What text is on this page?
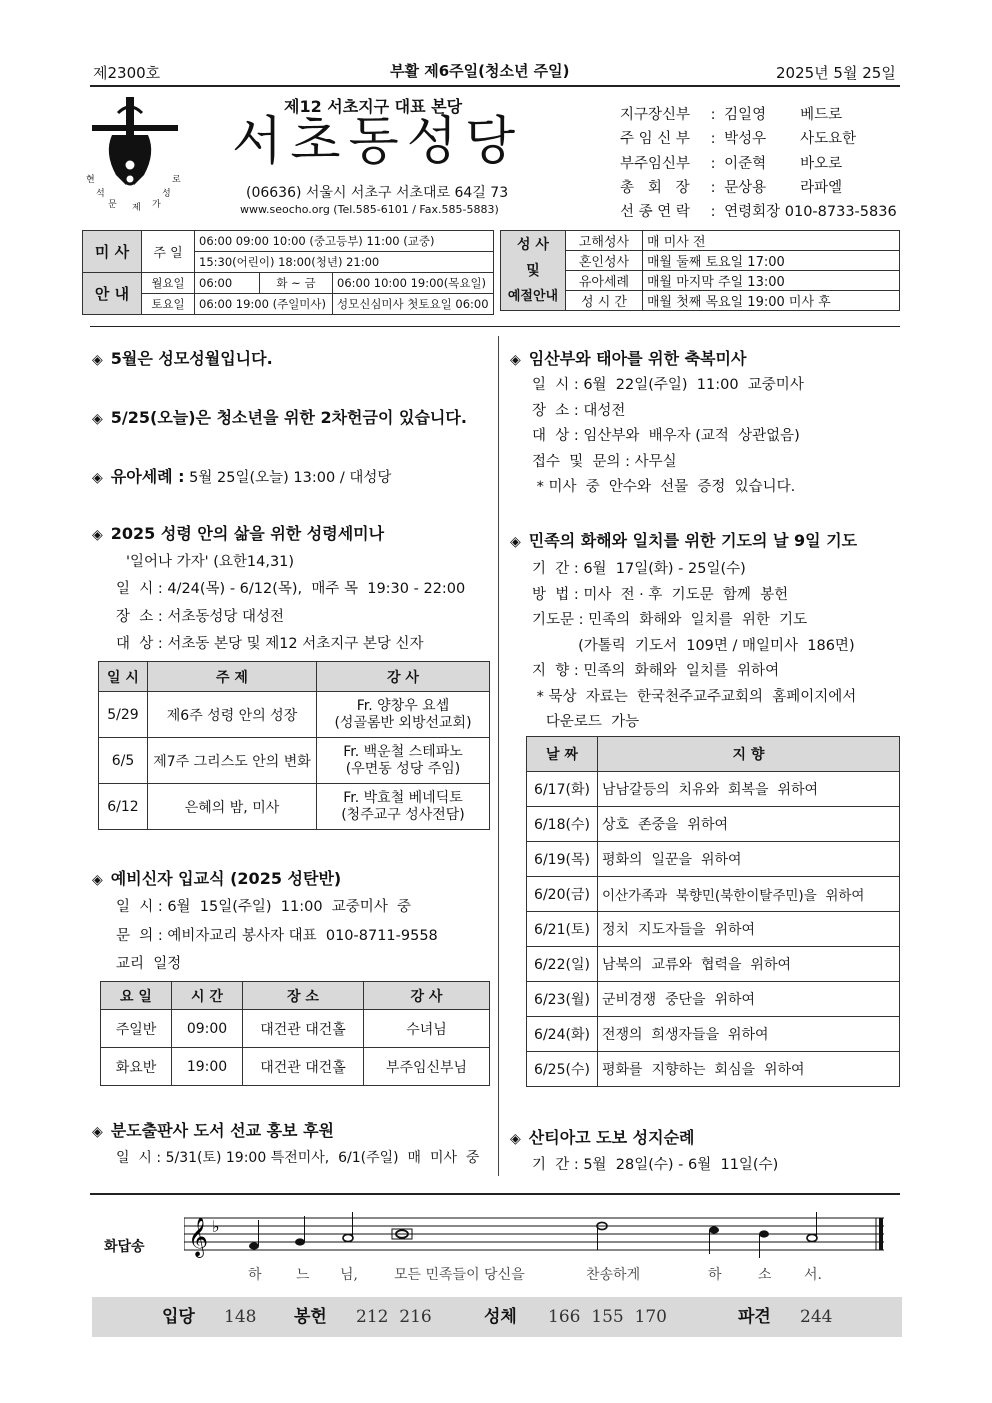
제2300호	부활 제6주일(청소년 주일)	2025년 5월 25일
현
석
문
로
가
제
성
제12 서초지구 대표 본당
서초동성당
(06636) 서울시 서초구 서초대로 64길 73
www.seocho.org (Tel.585-6101 / Fax.585-5883)
지구장신부 : 김일영 베드로
주 임 신 부 : 박성우 사도요한
부주임신부 : 이준혁 바오로
총   회   장 : 문상용 라파엘
선 종 연 락 : 연령회장 010-8733-5836
미 사	주 일	06:00 09:00 10:00 (중고등부) 11:00 (교중)		
		15:30(어린이) 18:00(청년) 21:00		
안 내	월요일	06:00	화 ~ 금	06:00 10:00 19:00(목요일)
	토요일	06:00 19:00 (주일미사)		성모신심미사 첫토요일 06:00
성 사
및
예절안내	고해성사	매 미사 전
	혼인성사	매월 둘째 토요일 17:00
	유아세례	매월 마지막 주일 13:00
	성 시 간	매월 첫째 목요일 19:00 미사 후
◈ 5월은 성모성월입니다.
◈ 5/25(오늘)은 청소년을 위한 2차헌금이 있습니다.
◈ 유아세례 : 5월 25일(오늘) 13:00 / 대성당
◈ 2025 성령 안의 삶을 위한 성령세미나
'일어나 가자' (요한14,31)
일  시 : 4/24(목) - 6/12(목),  매주 목  19:30 - 22:00
장  소 : 서초동성당 대성전
대  상 : 서초동 본당 및 제12 서초지구 본당 신자
일 시	주 제	강 사
5/29	제6주 성령 안의 성장	Fr. 양창우 요셉
(성골롬반 외방선교회)

6/5	제7주 그리스도 안의 변화	Fr. 백운철 스테파노
(우면동 성당 주임)

6/12	은혜의 밤, 미사	Fr. 박효철 베네딕토
(청주교구 성사전담)
◈ 예비신자 입교식 (2025 성탄반)
일  시 : 6월  15일(주일)  11:00  교중미사  중
문  의 : 예비자교리 봉사자 대표  010-8711-9558
교리  일정
요 일	시 간	장 소	강 사
주일반	09:00	대건관 대건홀	수녀님
화요반	19:00	대건관 대건홀	부주임신부님
◈ 분도출판사 도서 선교 홍보 후원
일  시 : 5/31(토) 19:00 특전미사,  6/1(주일)  매  미사  중
◈ 임산부와 태아를 위한 축복미사
일  시 : 6월  22일(주일)  11:00  교중미사
장  소 : 대성전
대  상 : 임산부와  배우자 (교적  상관없음)
접수  및  문의 : 사무실
* 미사  중  안수와  선물  증정  있습니다.
◈ 민족의 화해와 일치를 위한 기도의 날 9일 기도
기  간 : 6월  17일(화) - 25일(수)
방  법 : 미사  전 · 후  기도문  함께  봉헌
기도문 : 민족의  화해와  일치를  위한  기도
(가톨릭  기도서  109면 / 매일미사  186면)
지  향 : 민족의  화해와  일치를  위하여
* 묵상  자료는  한국천주교주교회의  홈페이지에서
다운로드  가능
날 짜	지 향
6/17(화)	남남갈등의  치유와  회복을  위하여
6/18(수)	상호  존중을  위하여
6/19(목)	평화의  일꾼을  위하여
6/20(금)	이산가족과  북향민(북한이탈주민)을  위하여
6/21(토)	정치  지도자들을  위하여
6/22(일)	남북의  교류와  협력을  위하여
6/23(월)	군비경쟁  중단을  위하여
6/24(화)	전쟁의  희생자들을  위하여
6/25(수)	평화를  지향하는  회심을  위하여
◈ 산티아고 도보 성지순례
기  간 : 5월  28일(수) - 6월  11일(수)
화답송 𝄞 ♭
하 느 님,	모든 민족들이 당신을	찬송하게	하	소 서.
입당 148 봉헌 212  216	성체 166  155  170	파견 244
